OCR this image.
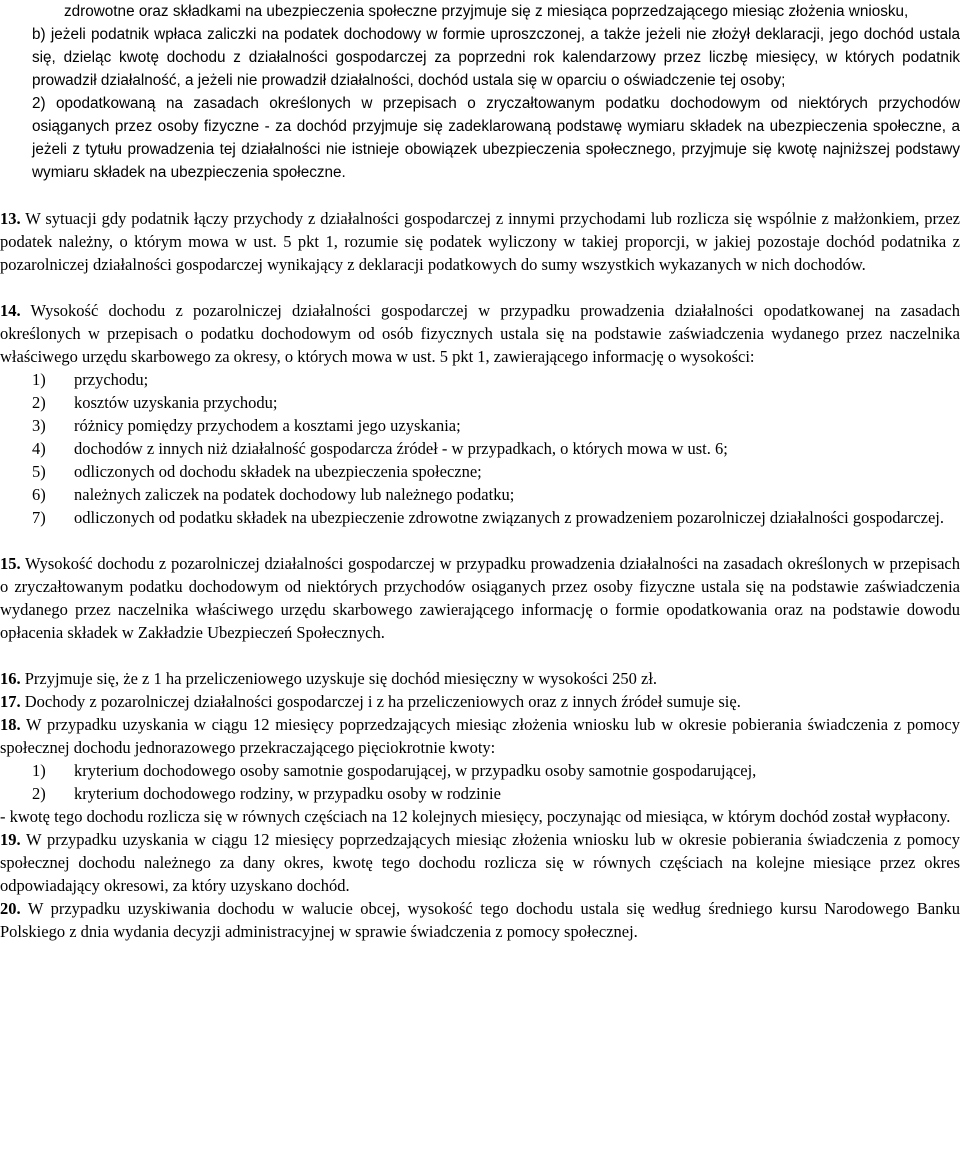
zdrowotne oraz składkami na ubezpieczenia społeczne przyjmuje się z miesiąca poprzedzającego miesiąc złożenia wniosku,

b) jeżeli podatnik wpłaca zaliczki na podatek dochodowy w formie uproszczonej, a także jeżeli nie złożył deklaracji, jego dochód ustala się, dzieląc kwotę dochodu z działalności gospodarczej za poprzedni rok kalendarzowy przez liczbę miesięcy, w których podatnik prowadził działalność, a jeżeli nie prowadził działalności, dochód ustala się w oparciu o oświadczenie tej osoby;

2) opodatkowaną na zasadach określonych w przepisach o zryczałtowanym podatku dochodowym od niektórych przychodów osiąganych przez osoby fizyczne - za dochód przyjmuje się zadeklarowaną podstawę wymiaru składek na ubezpieczenia społeczne, a jeżeli z tytułu prowadzenia tej działalności nie istnieje obowiązek ubezpieczenia społecznego, przyjmuje się kwotę najniższej podstawy wymiaru składek na ubezpieczenia społeczne.

13. W sytuacji gdy podatnik łączy przychody z działalności gospodarczej z innymi przychodami lub rozlicza się wspólnie z małżonkiem, przez podatek należny, o którym mowa w ust. 5 pkt 1, rozumie się podatek wyliczony w takiej proporcji, w jakiej pozostaje dochód podatnika z pozarolniczej działalności gospodarczej wynikający z deklaracji podatkowych do sumy wszystkich wykazanych w nich dochodów.

14. Wysokość dochodu z pozarolniczej działalności gospodarczej w przypadku prowadzenia działalności opodatkowanej na zasadach określonych w przepisach o podatku dochodowym od osób fizycznych ustala się na podstawie zaświadczenia wydanego przez naczelnika właściwego urzędu skarbowego za okresy, o których mowa w ust. 5 pkt 1, zawierającego informację o wysokości:

1)	przychodu;
2)	kosztów uzyskania przychodu;
3)	różnicy pomiędzy przychodem a kosztami jego uzyskania;
4)	dochodów z innych niż działalność gospodarcza źródeł - w przypadkach, o których mowa w ust. 6;
5)	odliczonych od dochodu składek na ubezpieczenia społeczne;
6)	należnych zaliczek na podatek dochodowy lub należnego podatku;

7) odliczonych od podatku składek na ubezpieczenie zdrowotne związanych z prowadzeniem pozarolniczej działalności gospodarczej.

15. Wysokość dochodu z pozarolniczej działalności gospodarczej w przypadku prowadzenia działalności na zasadach określonych w przepisach o zryczałtowanym podatku dochodowym od niektórych przychodów osiąganych przez osoby fizyczne ustala się na podstawie zaświadczenia wydanego przez naczelnika właściwego urzędu skarbowego zawierającego informację o formie opodatkowania oraz na podstawie dowodu opłacenia składek w Zakładzie Ubezpieczeń Społecznych.

16. Przyjmuje się, że z 1 ha przeliczeniowego uzyskuje się dochód miesięczny w wysokości 250 zł.

17. Dochody z pozarolniczej działalności gospodarczej i z ha przeliczeniowych oraz z innych źródeł sumuje się.

18. W przypadku uzyskania w ciągu 12 miesięcy poprzedzających miesiąc złożenia wniosku lub w okresie pobierania świadczenia z pomocy społecznej dochodu jednorazowego przekraczającego pięciokrotnie kwoty:

1) kryterium dochodowego osoby samotnie gospodarującej, w przypadku osoby samotnie gospodarującej,

2) kryterium dochodowego rodziny, w przypadku osoby w rodzinie

- kwotę tego dochodu rozlicza się w równych częściach na 12 kolejnych miesięcy, poczynając od miesiąca, w którym dochód został wypłacony.

19. W przypadku uzyskania w ciągu 12 miesięcy poprzedzających miesiąc złożenia wniosku lub w okresie pobierania świadczenia z pomocy społecznej dochodu należnego za dany okres, kwotę tego dochodu rozlicza się w równych częściach na kolejne miesiące przez okres odpowiadający okresowi, za który uzyskano dochód.

20. W przypadku uzyskiwania dochodu w walucie obcej, wysokość tego dochodu ustala się według średniego kursu Narodowego Banku Polskiego z dnia wydania decyzji administracyjnej w sprawie świadczenia z pomocy społecznej.
